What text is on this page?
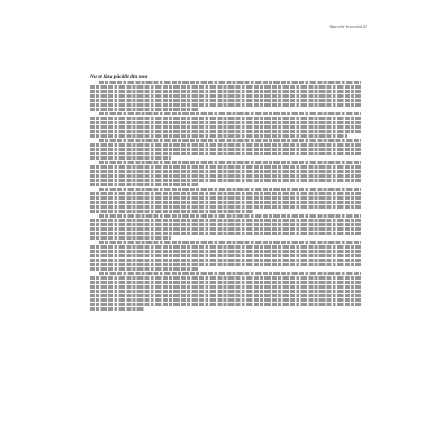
Afacerile în secolul 21
Nu te lăsa păcălit din nou
